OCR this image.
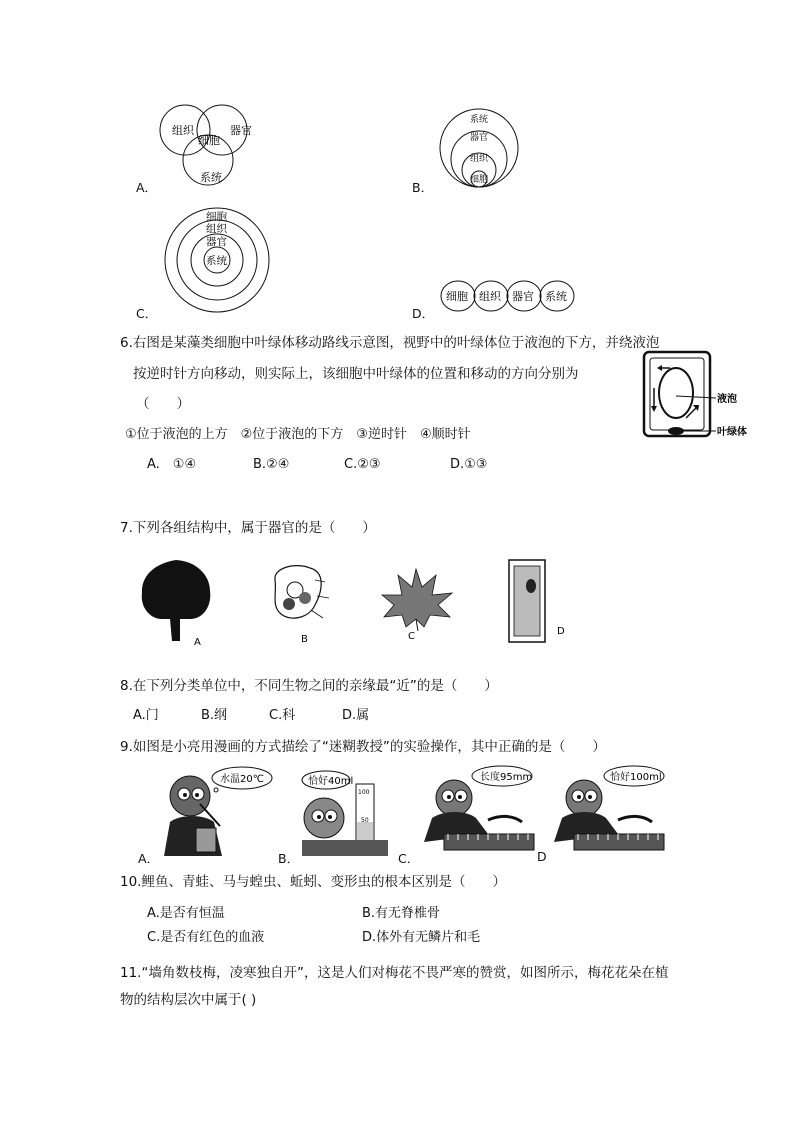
组织	器官
细胞
系统
A．
系统
器官
组织
细胞
B．
细胞
组织
器官
系统
C．
细胞 组织 器官 系统
D．
6.右图是某藻类细胞中叶绿体移动路线示意图，视野中的叶绿体位于液泡的下方，并绕液泡
按逆时针方向移动，则实际上，该细胞中叶绿体的位置和移动的方向分别为
（　　）
①位于液泡的上方　②位于液泡的下方　③逆时针　④顺时针
A.　①④	B.②④	C.②③	D.①③
液泡
叶绿体
7.下列各组结构中，属于器官的是（　　）
A	B	C	D
8.在下列分类单位中，不同生物之间的亲缘最“近”的是（　　）
A.门	B.纲	C.科	D.属
9.如图是小亮用漫画的方式描绘了“迷糊教授”的实验操作，其中正确的是（　　）
水温20℃
A．
恰好40ml
100
50
B．
长度95mm
C．
恰好100ml
D
10.鲤鱼、青蛙、马与蝗虫、蚯蚓、变形虫的根本区别是（　　）
A.是否有恒温	B.有无脊椎骨
C.是否有红色的血液	D.体外有无鳞片和毛
11.“墙角数枝梅，凌寒独自开”，这是人们对梅花不畏严寒的赞赏，如图所示，梅花花朵在植
物的结构层次中属于( )
